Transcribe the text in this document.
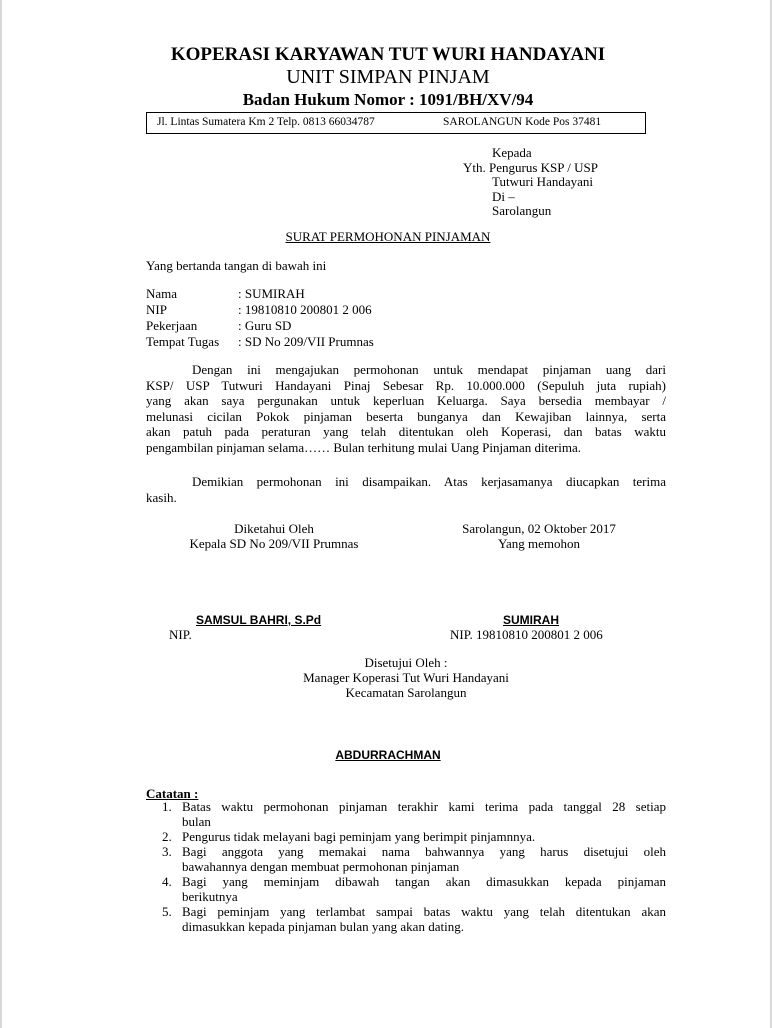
KOPERASI KARYAWAN TUT WURI HANDAYANI
UNIT SIMPAN PINJAM
Badan Hukum Nomor : 1091/BH/XV/94
Jl. Lintas Sumatera Km 2 Telp. 0813 66034787	SAROLANGUN Kode Pos 37481
Kepada
Yth. Pengurus KSP / USP
Tutwuri Handayani
Di –
Sarolangun
SURAT PERMOHONAN PINJAMAN
Yang bertanda tangan di bawah ini
Nama	: SUMIRAH
NIP	: 19810810 200801 2 006
Pekerjaan	: Guru SD
Tempat Tugas : SD No 209/VII Prumnas
Dengan ini mengajukan permohonan untuk mendapat pinjaman uang dari
KSP/ USP Tutwuri Handayani Pinaj Sebesar Rp. 10.000.000 (Sepuluh juta rupiah)
yang akan saya pergunakan untuk keperluan Keluarga. Saya bersedia membayar /
melunasi cicilan Pokok pinjaman beserta bunganya dan Kewajiban lainnya, serta
akan patuh pada peraturan yang telah ditentukan oleh Koperasi, dan batas waktu
pengambilan pinjaman selama…… Bulan terhitung mulai Uang Pinjaman diterima.
Demikian permohonan ini disampaikan. Atas kerjasamanya diucapkan terima
kasih.
Diketahui Oleh
Kepala SD No 209/VII Prumnas
Sarolangun, 02 Oktober 2017
Yang memohon
SAMSUL BAHRI, S.Pd
NIP.
SUMIRAH
NIP. 19810810 200801 2 006
Disetujui Oleh :
Manager Koperasi Tut Wuri Handayani
Kecamatan Sarolangun
ABDURRACHMAN
Catatan :
1. Batas waktu permohonan pinjaman terakhir kami terima pada tanggal 28 setiap
bulan
2. Pengurus tidak melayani bagi peminjam yang berimpit pinjamnnya.
3. Bagi anggota yang memakai nama bahwannya yang harus disetujui oleh
bawahannya dengan membuat permohonan pinjaman
4. Bagi yang meminjam dibawah tangan akan dimasukkan kepada pinjaman
berikutnya
5. Bagi peminjam yang terlambat sampai batas waktu yang telah ditentukan akan
dimasukkan kepada pinjaman bulan yang akan dating.
